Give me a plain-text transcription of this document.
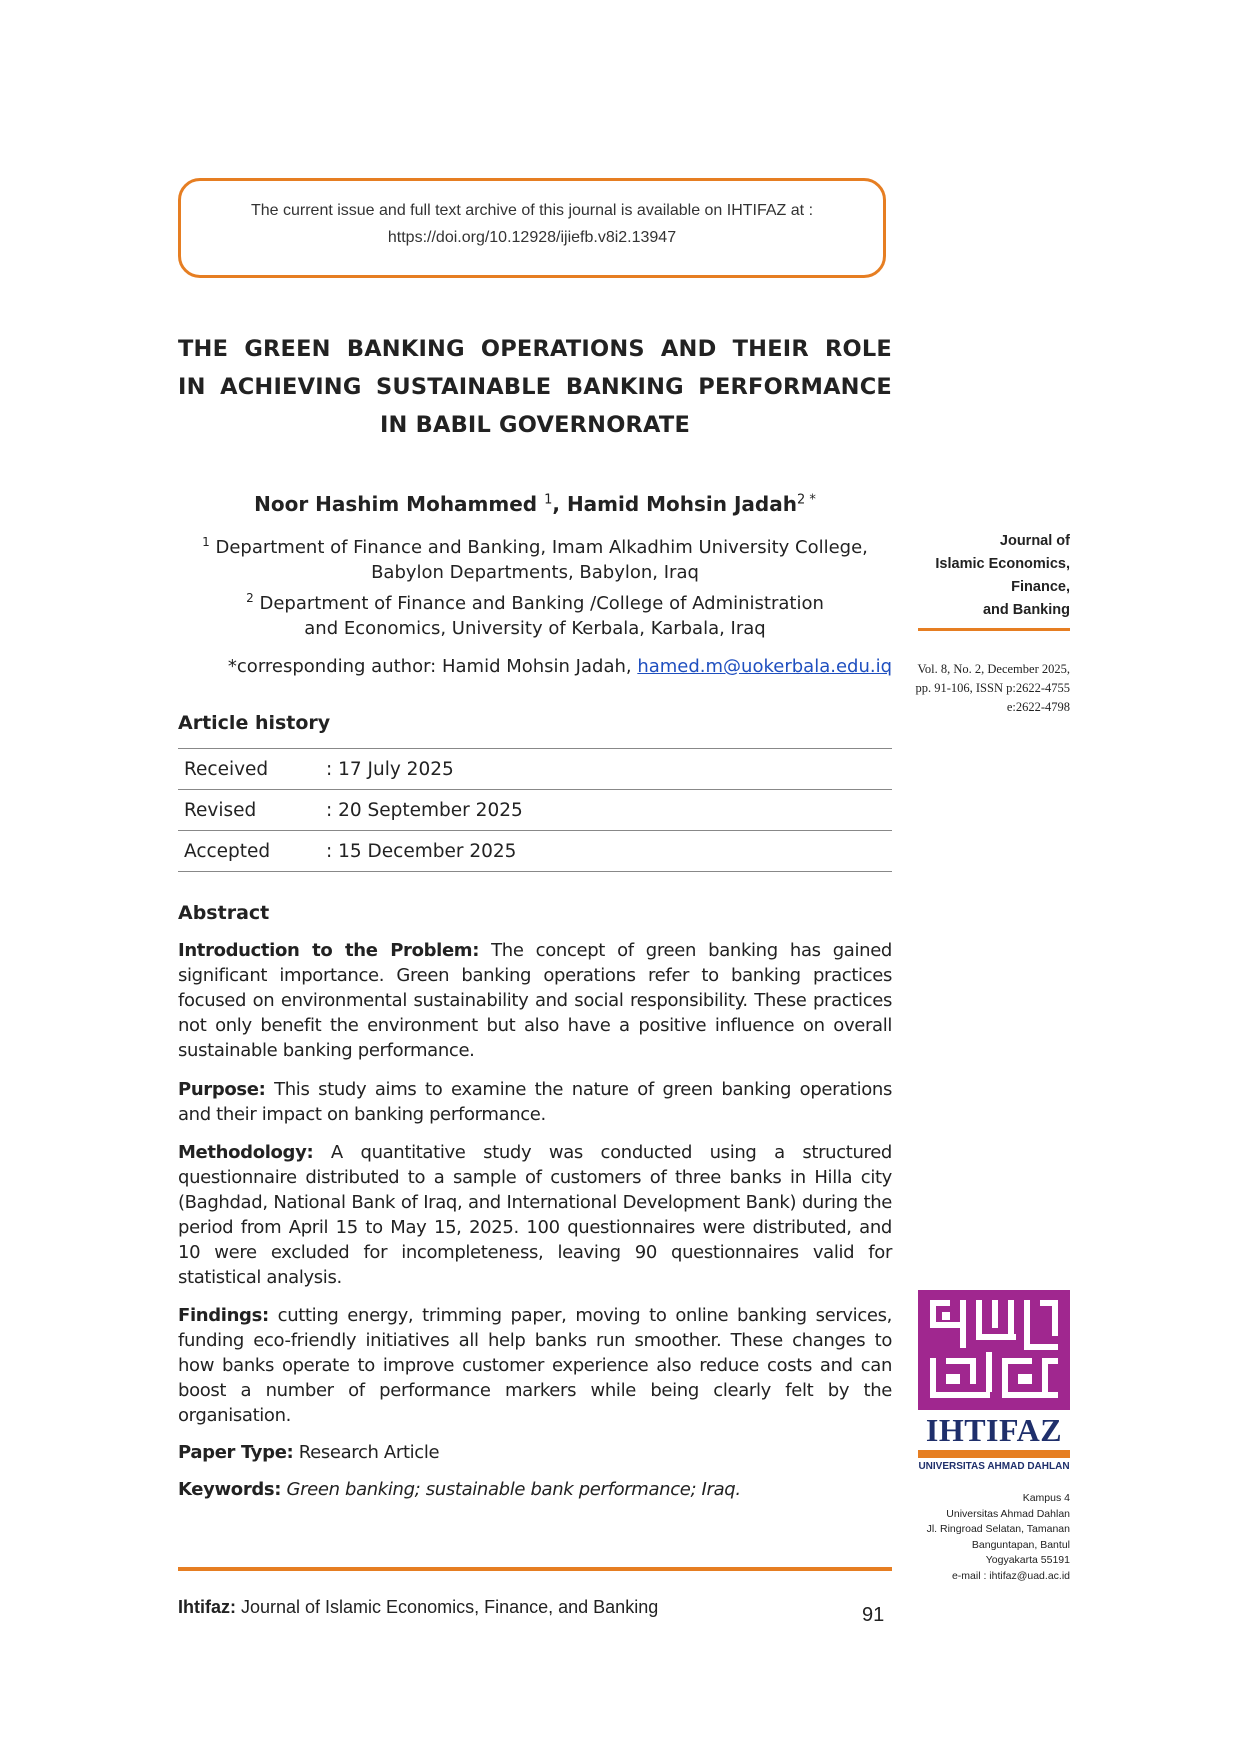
The current issue and full text archive of this journal is available on IHTIFAZ at :
https://doi.org/10.12928/ijiefb.v8i2.13947
THE GREEN BANKING OPERATIONS AND THEIR ROLE
IN ACHIEVING SUSTAINABLE BANKING PERFORMANCE
IN BABIL GOVERNORATE
Noor Hashim Mohammed $^1$, Hamid Mohsin Jadah$^{2 *}$
$^1$ Department of Finance and Banking, Imam Alkadhim University College,
Babylon Departments, Babylon, Iraq
$^2$ Department of Finance and Banking /College of Administration
and Economics, University of Kerbala, Karbala, Iraq
*corresponding author: Hamid Mohsin Jadah, hamed.m@uokerbala.edu.iq
Article history
Received	: 17 July 2025
Revised	: 20 September 2025
Accepted	: 15 December 2025
Abstract
Introduction to the Problem: The concept of green banking has gained significant importance. Green banking operations refer to banking practices focused on environmental sustainability and social responsibility. These practices not only benefit the environment but also have a positive influence on overall sustainable banking performance.
Purpose: This study aims to examine the nature of green banking operations and their impact on banking performance.
Methodology: A quantitative study was conducted using a structured questionnaire distributed to a sample of customers of three banks in Hilla city (Baghdad, National Bank of Iraq, and International Development Bank) during the period from April 15 to May 15, 2025. 100 questionnaires were distributed, and 10 were excluded for incompleteness, leaving 90 questionnaires valid for statistical analysis.
Findings: cutting energy, trimming paper, moving to online banking services, funding eco-friendly initiatives all help banks run smoother. These changes to how banks operate to improve customer experience also reduce costs and can boost a number of performance markers while being clearly felt by the organisation.
Paper Type: Research Article
Keywords: Green banking; sustainable bank performance; Iraq.
Ihtifaz: Journal of Islamic Economics, Finance, and Banking	91
Journal of
Islamic Economics,
Finance,
and Banking
Vol. 8, No. 2, December 2025,
pp. 91-106, ISSN p:2622-4755
e:2622-4798
IHTIFAZ
UNIVERSITAS AHMAD DAHLAN
Kampus 4
Universitas Ahmad Dahlan
Jl. Ringroad Selatan, Tamanan
Banguntapan, Bantul
Yogyakarta 55191
e-mail : ihtifaz@uad.ac.id
